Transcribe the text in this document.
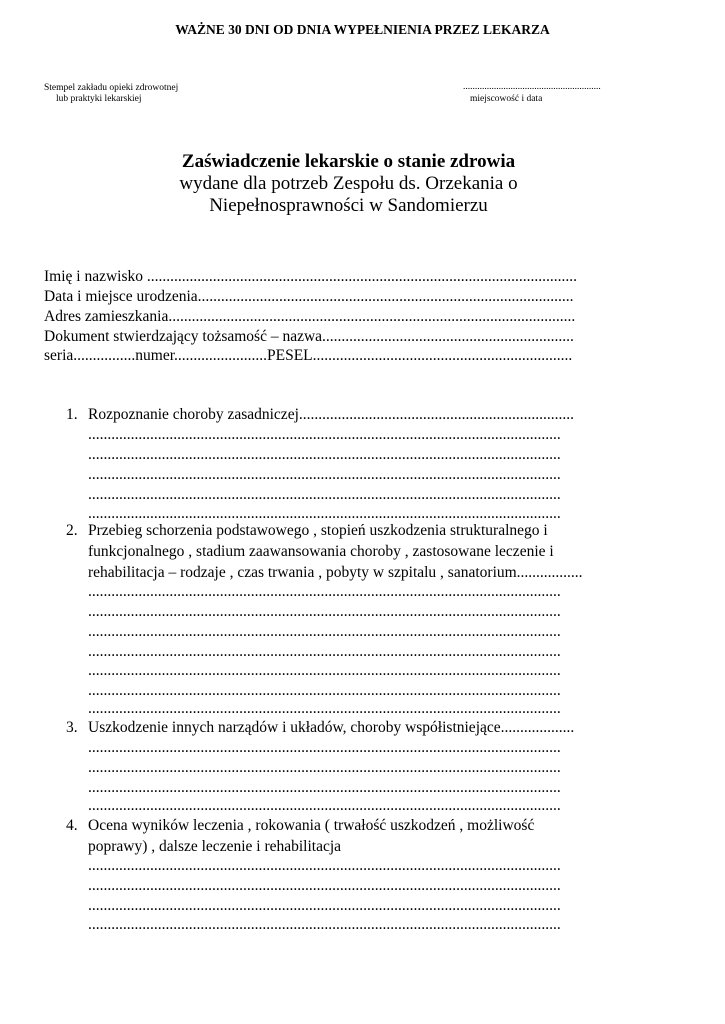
WAŻNE 30 DNI OD DNIA WYPEŁNIENIA PRZEZ LEKARZA
Stempel zakładu opieki zdrowotnej
lub praktyki lekarskiej
..........................................................
miejscowość i data
Zaświadczenie lekarskie o stanie zdrowia
wydane dla potrzeb Zespołu ds. Orzekania o
Niepełnosprawności w Sandomierzu
Imię i nazwisko ...............................................................................................................
Data i miejsce urodzenia.................................................................................................
Adres zamieszkania.........................................................................................................
Dokument stwierdzający tożsamość – nazwa.................................................................
seria................numer........................PESEL...................................................................
1. Rozpoznanie choroby zasadniczej.......................................................................
..........................................................................................................................
..........................................................................................................................
..........................................................................................................................
..........................................................................................................................
..........................................................................................................................
2. Przebieg schorzenia podstawowego , stopień uszkodzenia strukturalnego i
funkcjonalnego , stadium zaawansowania choroby , zastosowane leczenie i
rehabilitacja – rodzaje , czas trwania , pobyty w szpitalu , sanatorium.................
..........................................................................................................................
..........................................................................................................................
..........................................................................................................................
..........................................................................................................................
..........................................................................................................................
..........................................................................................................................
..........................................................................................................................
3. Uszkodzenie innych narządów i układów, choroby współistniejące...................
..........................................................................................................................
..........................................................................................................................
..........................................................................................................................
..........................................................................................................................
4. Ocena wyników leczenia , rokowania ( trwałość uszkodzeń , możliwość
poprawy) , dalsze leczenie i rehabilitacja
..........................................................................................................................
..........................................................................................................................
..........................................................................................................................
..........................................................................................................................
